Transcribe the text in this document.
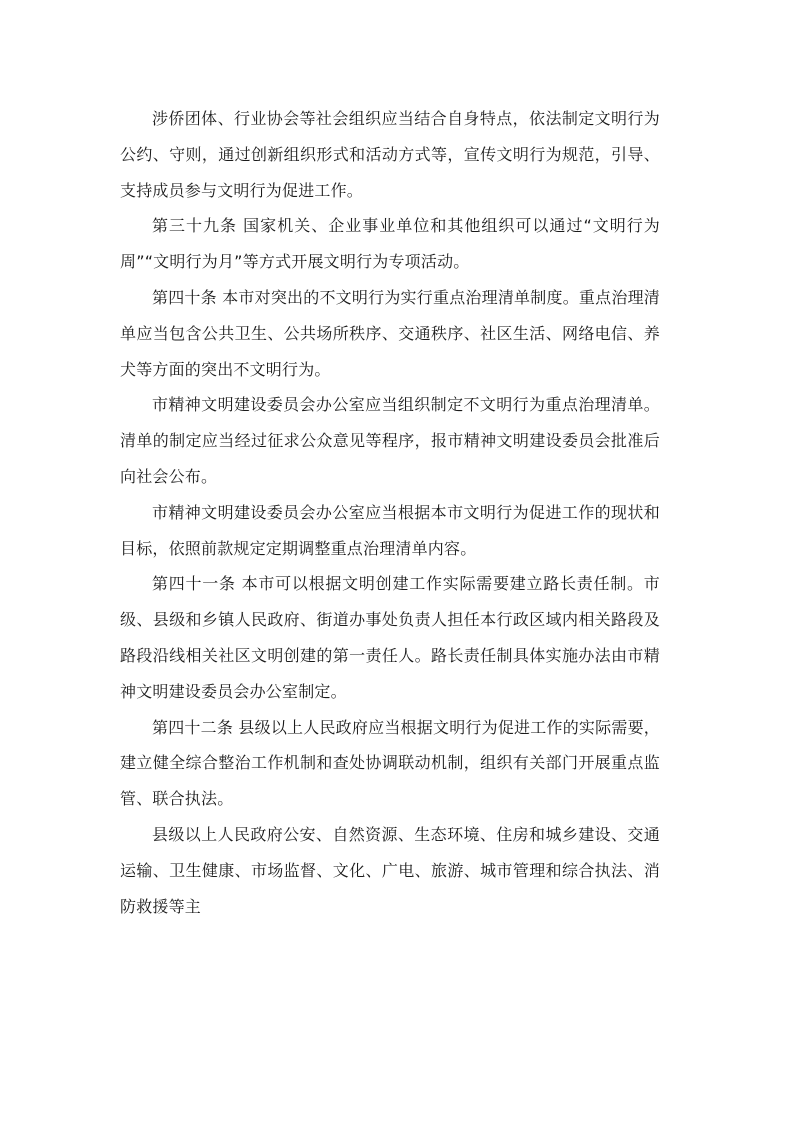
涉侨团体、行业协会等社会组织应当结合自身特点，依法制定文明行为公约、守则，通过创新组织形式和活动方式等，宣传文明行为规范，引导、支持成员参与文明行为促进工作。

第三十九条 国家机关、企业事业单位和其他组织可以通过“文明行为周”“文明行为月”等方式开展文明行为专项活动。

第四十条 本市对突出的不文明行为实行重点治理清单制度。重点治理清单应当包含公共卫生、公共场所秩序、交通秩序、社区生活、网络电信、养犬等方面的突出不文明行为。

市精神文明建设委员会办公室应当组织制定不文明行为重点治理清单。清单的制定应当经过征求公众意见等程序，报市精神文明建设委员会批准后向社会公布。

市精神文明建设委员会办公室应当根据本市文明行为促进工作的现状和目标，依照前款规定定期调整重点治理清单内容。

第四十一条 本市可以根据文明创建工作实际需要建立路长责任制。市级、县级和乡镇人民政府、街道办事处负责人担任本行政区域内相关路段及路段沿线相关社区文明创建的第一责任人。路长责任制具体实施办法由市精神文明建设委员会办公室制定。

第四十二条 县级以上人民政府应当根据文明行为促进工作的实际需要，建立健全综合整治工作机制和查处协调联动机制，组织有关部门开展重点监管、联合执法。

县级以上人民政府公安、自然资源、生态环境、住房和城乡建设、交通运输、卫生健康、市场监督、文化、广电、旅游、城市管理和综合执法、消防救援等主
